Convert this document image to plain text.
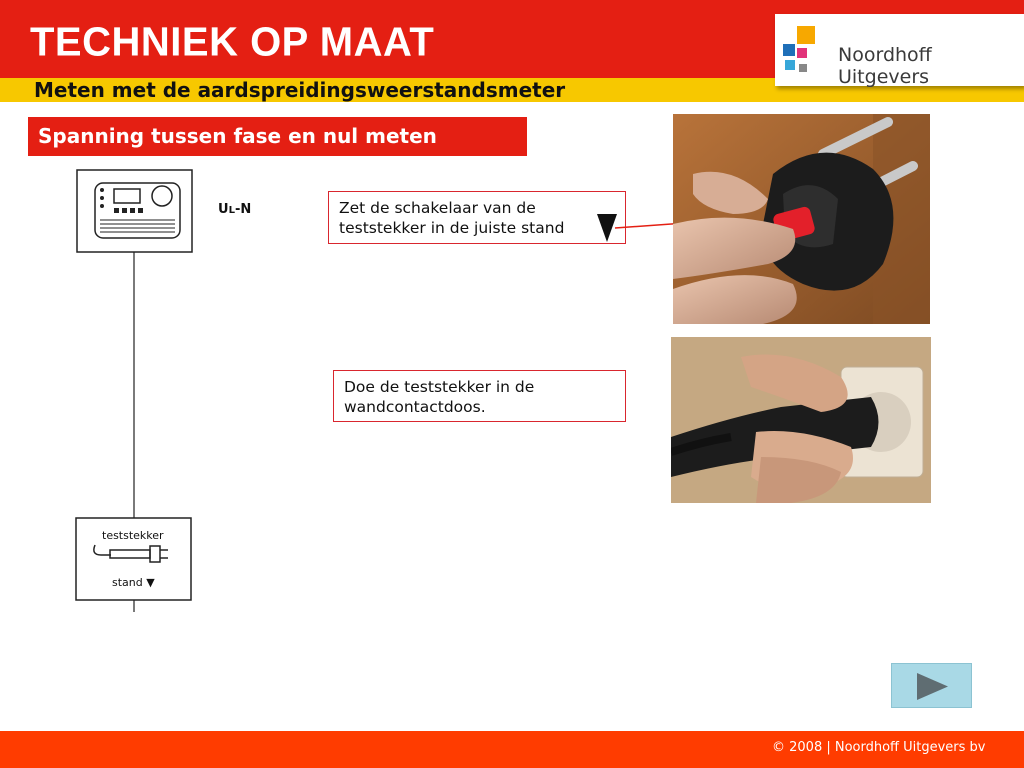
TECHNIEK OP MAAT
Meten met de aardspreidingsweerstandsmeter
Noordhoff Uitgevers
Spanning tussen fase en nul meten
teststekker
stand ▼
UL-N	Zet de schakelaar van de teststekker in de juiste stand
Doe de teststekker in de wandcontactdoos.
© 2008 | Noordhoff Uitgevers bv
